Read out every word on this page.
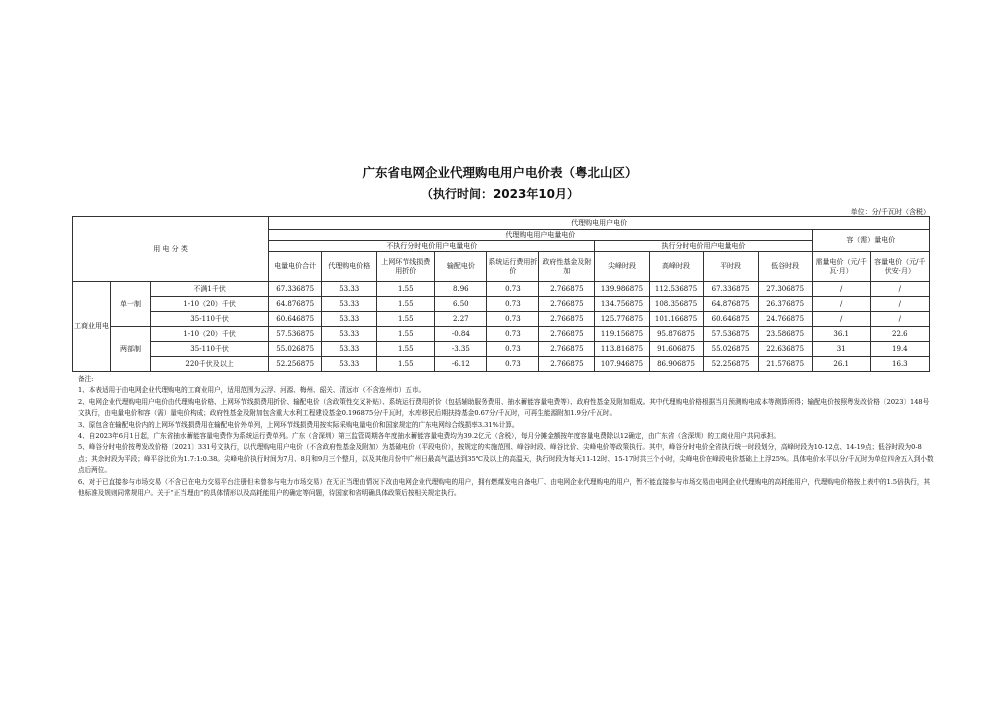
广东省电网企业代理购电用户电价表（粤北山区）
（执行时间：2023年10月）
单位：分/千瓦时（含税）
用 电 分 类			代理购电用户电价											
			代理购电用户电量电价										容（需）量电价	
			不执行分时电价用户电量电价						执行分时电价用户电量电价					
			电量电价合计	代理购电价格	上网环节线损费用折价	输配电价	系统运行费用折价	政府性基金及附加	尖峰时段	高峰时段	平时段	低谷时段	需量电价（元/千瓦·月）	容量电价（元/千伏安·月）
工商业用电	单一制	不满1千伏	67.336875	53.33	1.55	8.96	0.73	2.766875	139.986875	112.536875	67.336875	27.306875	/	/
		1-10（20）千伏	64.876875	53.33	1.55	6.50	0.73	2.766875	134.756875	108.356875	64.876875	26.376875	/	/
		35-110千伏	60.646875	53.33	1.55	2.27	0.73	2.766875	125.776875	101.166875	60.646875	24.766875	/	/
	两部制	1-10（20）千伏	57.536875	53.33	1.55	-0.84	0.73	2.766875	119.156875	95.876875	57.536875	23.586875	36.1	22.6
		35-110千伏	55.026875	53.33	1.55	-3.35	0.73	2.766875	113.816875	91.606875	55.026875	22.636875	31	19.4
		220千伏及以上	52.256875	53.33	1.55	-6.12	0.73	2.766875	107.946875	86.906875	52.256875	21.576875	26.1	16.3

备注:

1、本表适用于由电网企业代理购电的工商业用户，适用范围为云浮、河源、梅州、韶关、清远市（不含连州市）五市。

2、电网企业代理购电用户电价由代理购电价格、上网环节线损费用折价、输配电价（含政策性交叉补贴）、系统运行费用折价（包括辅助服务费用、抽水蓄能容量电费等）、政府性基金及附加组成。其中代理购电价格根据当月预测购电成本等测算所得；输配电价按照粤发改价格〔2023〕148号文执行，由电量电价和容（需）量电价构成；政府性基金及附加包含重大水利工程建设基金0.196875分/千瓦时，水库移民后期扶持基金0.67分/千瓦时，可再生能源附加1.9分/千瓦时。

3、原包含在输配电价内的上网环节线损费用在输配电价外单列，上网环节线损费用按实际采购电量电价和国家规定的广东电网综合线损率3.31%计算。

4、自2023年6月1日起，广东省抽水蓄能容量电费作为系统运行费单列。广东（含深圳）第三监管周期各年度抽水蓄能容量电费均为39.2亿元（含税），每月分摊金额按年度容量电费除以12确定，由广东省（含深圳）的工商业用户共同承担。

5、峰谷分时电价按粤发改价格〔2021〕331号文执行，以代理购电用户电价（不含政府性基金及附加）为基础电价（平段电价），按规定的实施范围、峰谷时段、峰谷比价、尖峰电价等政策执行。其中，峰谷分时电价全省执行统一时段划分，高峰时段为10-12点、14-19点；低谷时段为0-8点；其余时段为平段；峰平谷比价为1.7:1:0.38。尖峰电价执行时间为7月、8月和9月三个整月，以及其他月份中广州日最高气温达到35℃及以上的高温天，执行时段为每天11-12时、15-17时共三个小时，尖峰电价在峰段电价基础上上浮25%。具体电价水平以分/千瓦时为单位四舍五入到小数点后两位。

6、对于已直接参与市场交易（不含已在电力交易平台注册但未曾参与电力市场交易）在无正当理由情况下改由电网企业代理购电的用户，拥有燃煤发电自备电厂、由电网企业代理购电的用户，暂不能直接参与市场交易由电网企业代理购电的高耗能用户，代理购电价格按上表中的1.5倍执行，其他标准及规则同常规用户。关于“正当理由”的具体情形以及高耗能用户的确定等问题，待国家和省明确具体政策后按相关规定执行。
